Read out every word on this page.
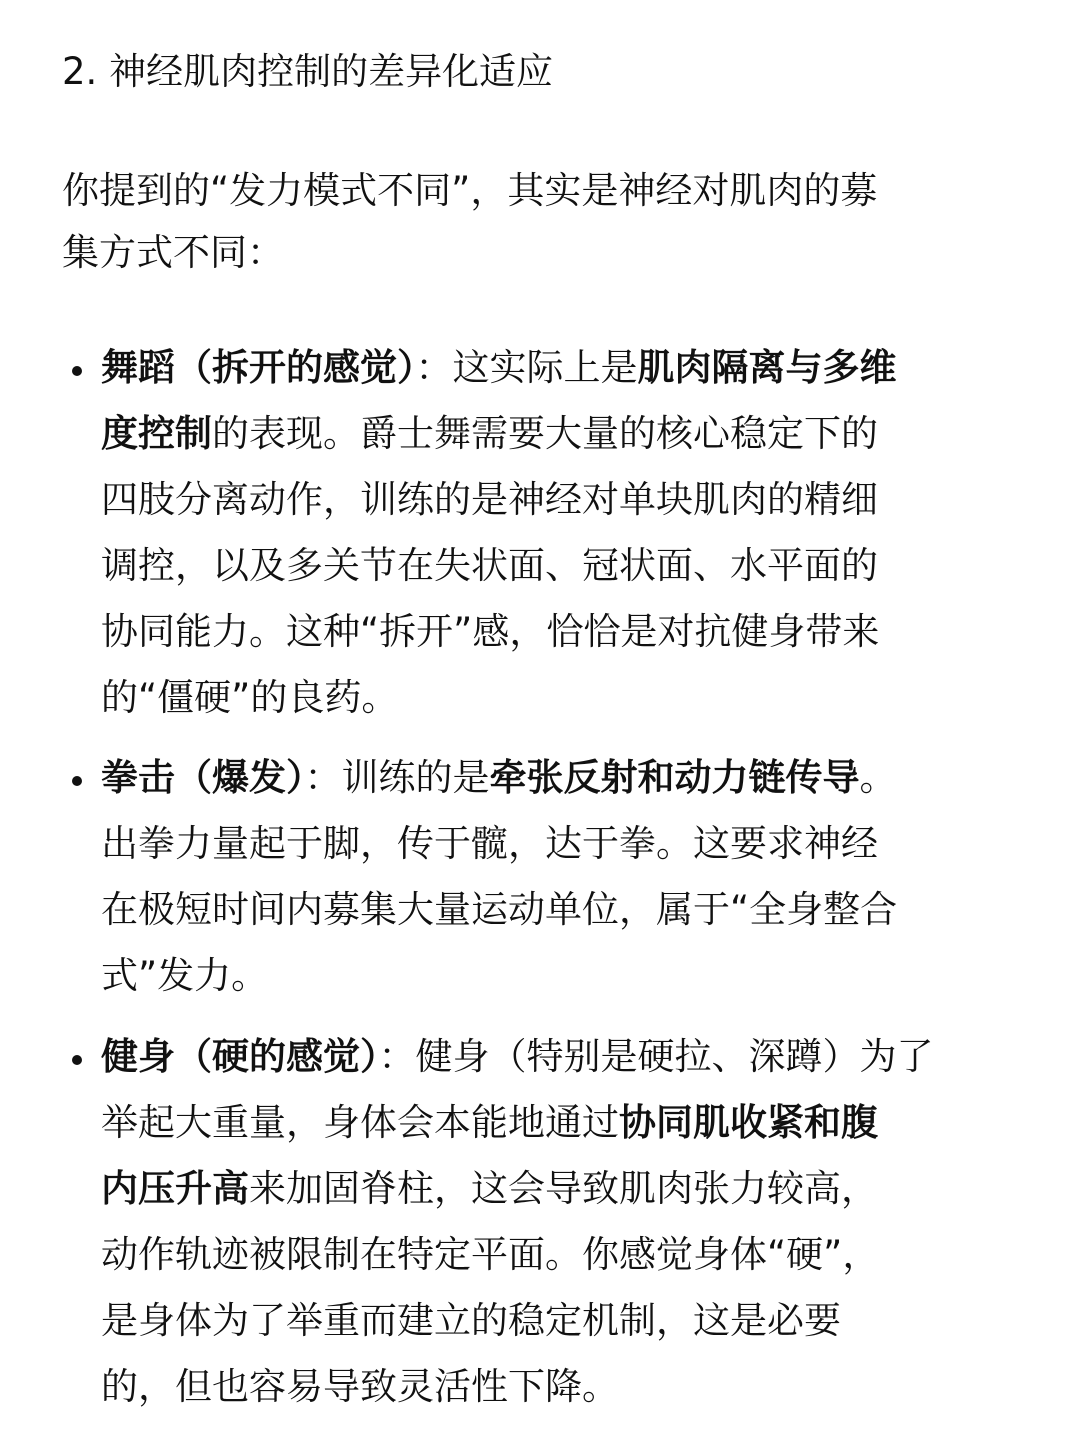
2. 神经肌肉控制的差异化适应
你提到的“发力模式不同”，其实是神经对肌肉的募
集方式不同：
舞蹈（拆开的感觉）：这实际上是肌肉隔离与多维
度控制的表现。爵士舞需要大量的核心稳定下的
四肢分离动作，训练的是神经对单块肌肉的精细
调控，以及多关节在失状面、冠状面、水平面的
协同能力。这种“拆开”感，恰恰是对抗健身带来
的“僵硬”的良药。
拳击（爆发）：训练的是牵张反射和动力链传导。
出拳力量起于脚，传于髋，达于拳。这要求神经
在极短时间内募集大量运动单位，属于“全身整合
式”发力。
健身（硬的感觉）：健身（特别是硬拉、深蹲）为了
举起大重量，身体会本能地通过协同肌收紧和腹
内压升高来加固脊柱，这会导致肌肉张力较高，
动作轨迹被限制在特定平面。你感觉身体“硬”，
是身体为了举重而建立的稳定机制，这是必要
的，但也容易导致灵活性下降。
